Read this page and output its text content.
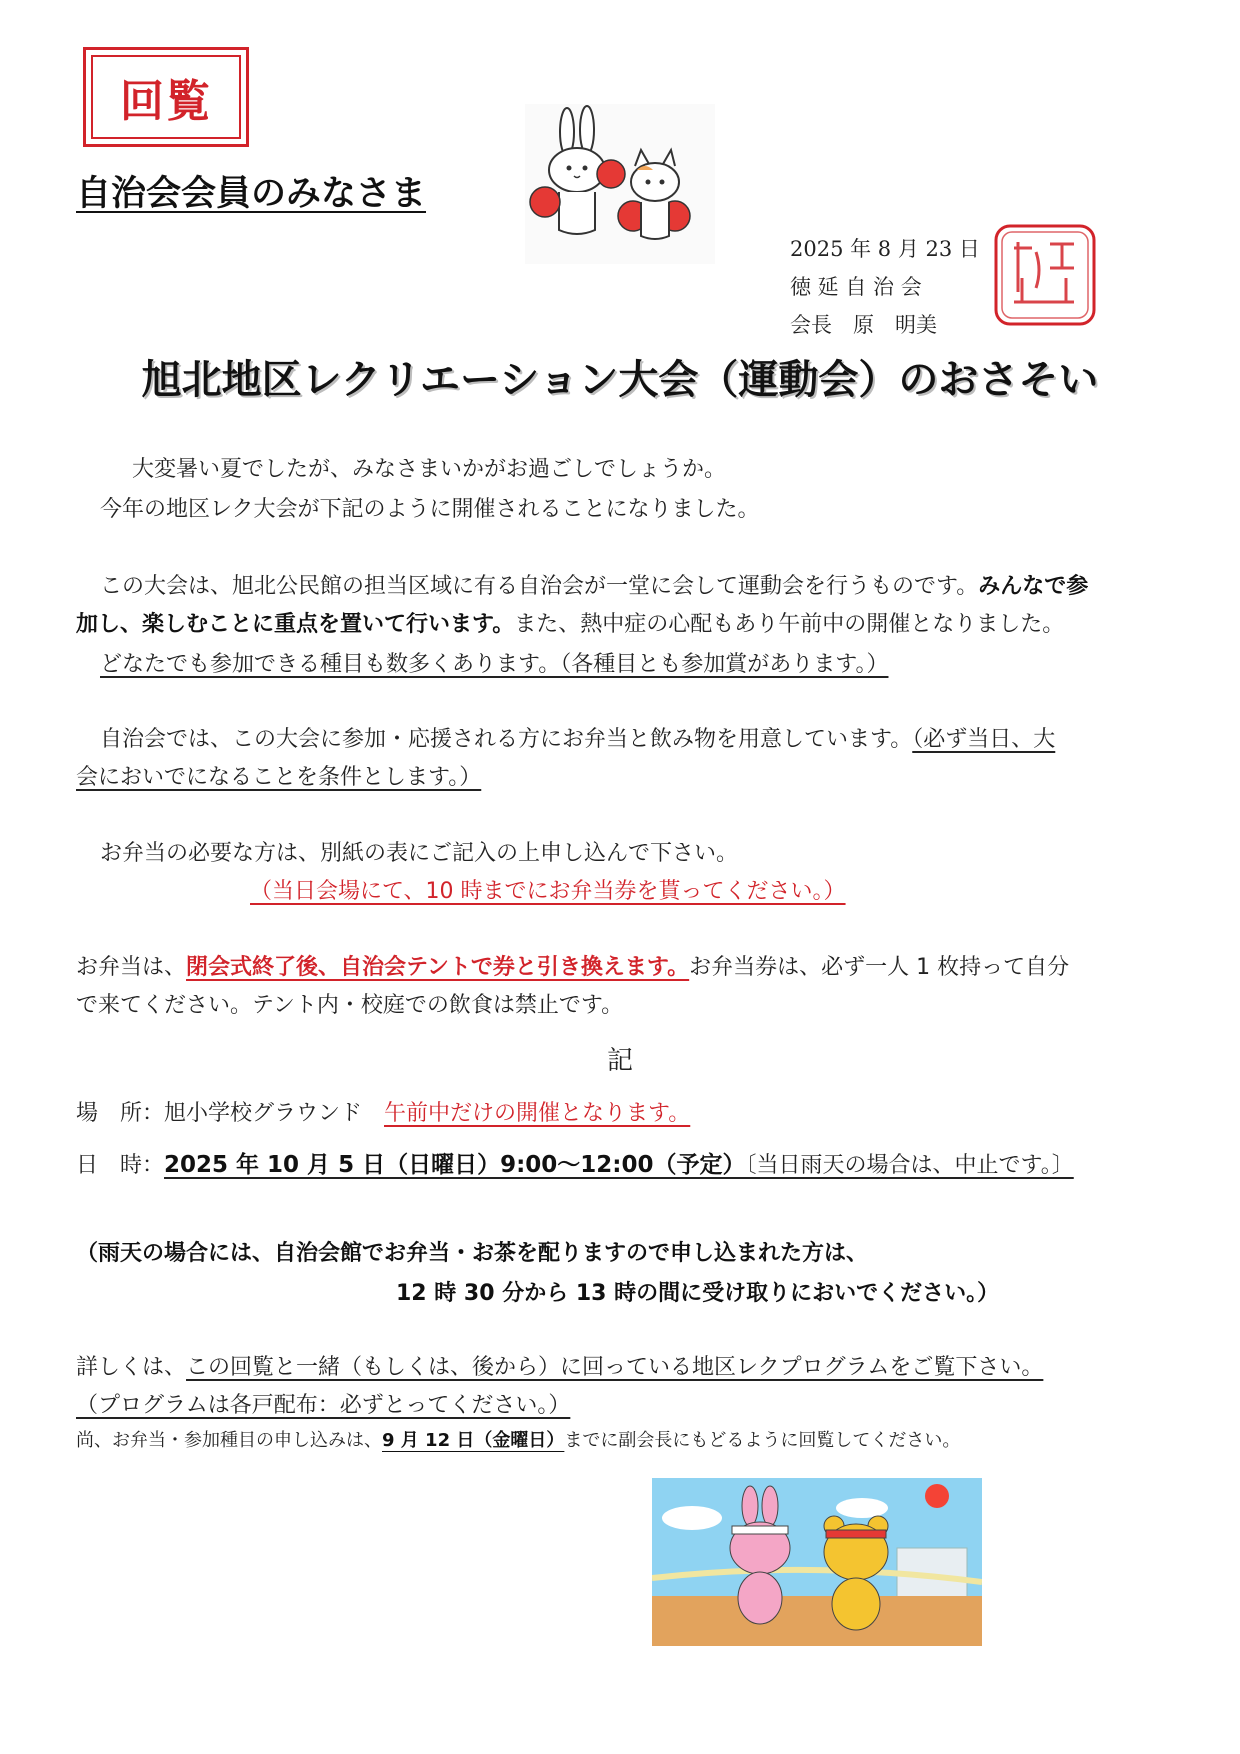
回覧
自治会会員のみなさま
2025 年 8 月 23 日
徳 延 自 治 会
会長　原　明美
旭北地区レクリエーション大会（運動会）のおさそい
大変暑い夏でしたが、みなさまいかがお過ごしでしょうか。
今年の地区レク大会が下記のように開催されることになりました。
この大会は、旭北公民館の担当区域に有る自治会が一堂に会して運動会を行うものです。みんなで参
加し、楽しむことに重点を置いて行います。また、熱中症の心配もあり午前中の開催となりました。
どなたでも参加できる種目も数多くあります。（各種目とも参加賞があります。）
自治会では、この大会に参加・応援される方にお弁当と飲み物を用意しています。（必ず当日、大
会においでになることを条件とします。）
お弁当の必要な方は、別紙の表にご記入の上申し込んで下さい。
（当日会場にて、10 時までにお弁当券を貰ってください。）
お弁当は、閉会式終了後、自治会テントで券と引き換えます。お弁当券は、必ず一人 1 枚持って自分
で来てください。テント内・校庭での飲食は禁止です。
記
場　所：旭小学校グラウンド 午前中だけの開催となります。
日　時：2025 年 10 月 5 日（日曜日）9:00～12:00（予定）〔当日雨天の場合は、中止です。〕
（雨天の場合には、自治会館でお弁当・お茶を配りますので申し込まれた方は、
12 時 30 分から 13 時の間に受け取りにおいでください。）
詳しくは、この回覧と一緒（もしくは、後から）に回っている地区レクプログラムをご覧下さい。
（プログラムは各戸配布：必ずとってください。）
尚、お弁当・参加種目の申し込みは、9 月 12 日（金曜日）までに副会長にもどるように回覧してください。
